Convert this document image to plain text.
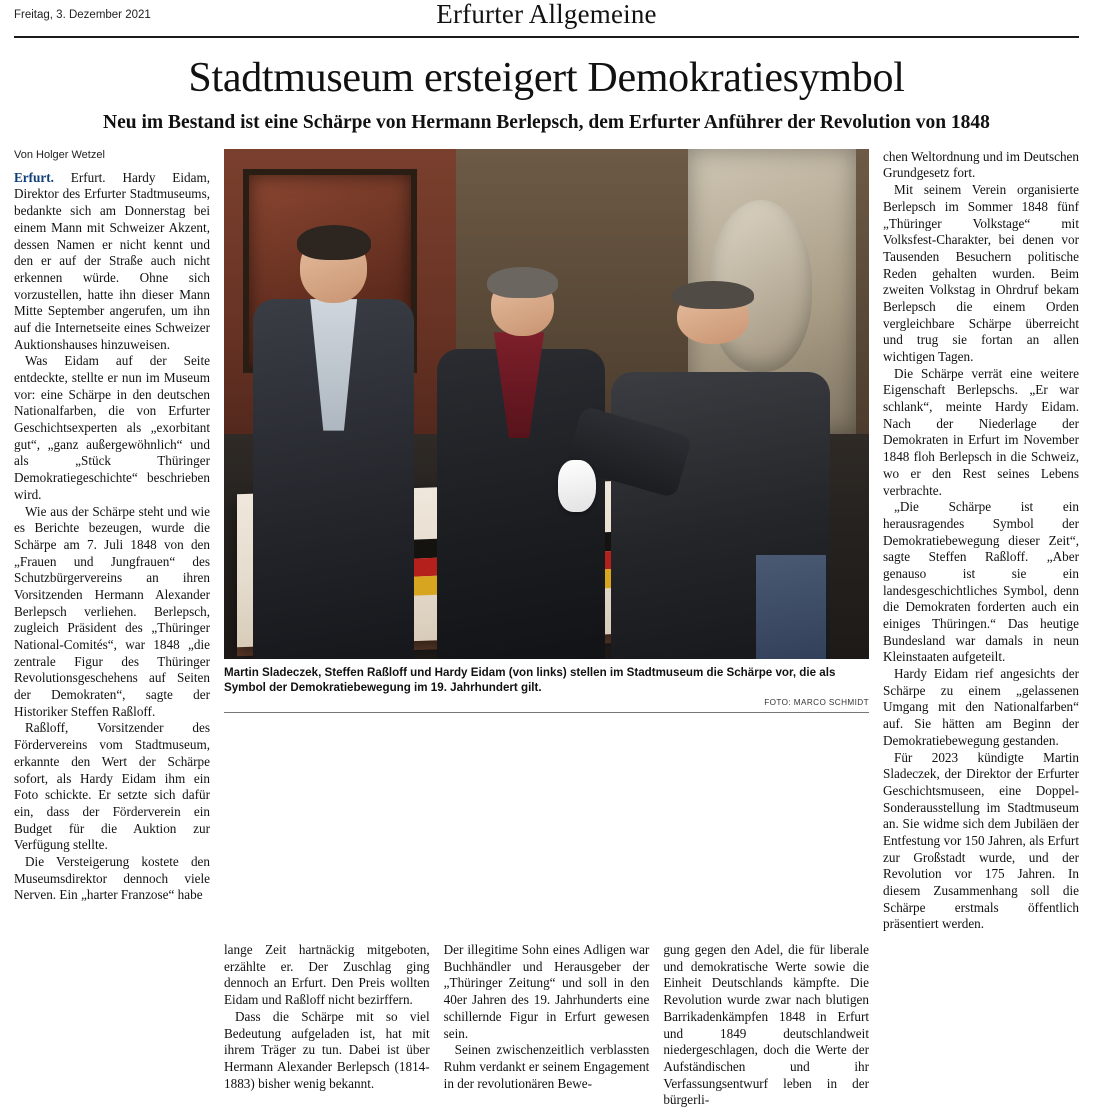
Freitag, 3. Dezember 2021	Erfurter Allgemeine
Stadtmuseum ersteigert Demokratiesymbol
Neu im Bestand ist eine Schärpe von Hermann Berlepsch, dem Erfurter Anführer der Revolution von 1848
Von Holger Wetzel

Erfurt. Erfurt. Hardy Eidam, Direktor des Erfurter Stadtmuseums, bedankte sich am Donnerstag bei einem Mann mit Schweizer Akzent, dessen Namen er nicht kennt und den er auf der Straße auch nicht erkennen würde. Ohne sich vorzustellen, hatte ihn dieser Mann Mitte September angerufen, um ihn auf die Internetseite eines Schweizer Auktionshauses hinzuweisen.

Was Eidam auf der Seite entdeckte, stellte er nun im Museum vor: eine Schärpe in den deutschen Nationalfarben, die von Erfurter Geschichtsexperten als „exorbitant gut“, „ganz außergewöhnlich“ und als „Stück Thüringer Demokratiegeschichte“ beschrieben wird.

Wie aus der Schärpe steht und wie es Berichte bezeugen, wurde die Schärpe am 7. Juli 1848 von den „Frauen und Jungfrauen“ des Schutzbürgervereins an ihren Vorsitzenden Hermann Alexander Berlepsch verliehen. Berlepsch, zugleich Präsident des „Thüringer National-Comités“, war 1848 „die zentrale Figur des Thüringer Revolutionsgeschehens auf Seiten der Demokraten“, sagte der Historiker Steffen Raßloff.

Raßloff, Vorsitzender des Fördervereins vom Stadtmuseum, erkannte den Wert der Schärpe sofort, als Hardy Eidam ihm ein Foto schickte. Er setzte sich dafür ein, dass der Förderverein ein Budget für die Auktion zur Verfügung stellte.

Die Versteigerung kostete den Museumsdirektor dennoch viele Nerven. Ein „harter Franzose“ habe

Martin Sladeczek, Steffen Raßloff und Hardy Eidam (von links) stellen im Stadtmuseum die Schärpe vor, die als Symbol der Demokratiebewegung im 19. Jahrhundert gilt.
FOTO: MARCO SCHMIDT

chen Weltordnung und im Deutschen Grundgesetz fort.

Mit seinem Verein organisierte Berlepsch im Sommer 1848 fünf „Thüringer Volkstage“ mit Volksfest-Charakter, bei denen vor Tausenden Besuchern politische Reden gehalten wurden. Beim zweiten Volkstag in Ohrdruf bekam Berlepsch die einem Orden vergleichbare Schärpe überreicht und trug sie fortan an allen wichtigen Tagen.

Die Schärpe verrät eine weitere Eigenschaft Berlepschs. „Er war schlank“, meinte Hardy Eidam. Nach der Niederlage der Demokraten in Erfurt im November 1848 floh Berlepsch in die Schweiz, wo er den Rest seines Lebens verbrachte.

„Die Schärpe ist ein herausragendes Symbol der Demokratiebewegung dieser Zeit“, sagte Steffen Raßloff. „Aber genauso ist sie ein landesgeschichtliches Symbol, denn die Demokraten forderten auch ein einiges Thüringen.“ Das heutige Bundesland war damals in neun Kleinstaaten aufgeteilt.

Hardy Eidam rief angesichts der Schärpe zu einem „gelassenen Umgang mit den Nationalfarben“ auf. Sie hätten am Beginn der Demokratiebewegung gestanden.

Für 2023 kündigte Martin Sladeczek, der Direktor der Erfurter Geschichtsmuseen, eine Doppel-Sonderausstellung im Stadtmuseum an. Sie widme sich dem Jubiläen der Entfestung vor 150 Jahren, als Erfurt zur Großstadt wurde, und der Revolution vor 175 Jahren. In diesem Zusammenhang soll die Schärpe erstmals öffentlich präsentiert werden.

lange Zeit hartnäckig mitgeboten, erzählte er. Der Zuschlag ging dennoch an Erfurt. Den Preis wollten Eidam und Raßloff nicht bezirffern.

Dass die Schärpe mit so viel Bedeutung aufgeladen ist, hat mit ihrem Träger zu tun. Dabei ist über Hermann Alexander Berlepsch (1814-1883) bisher wenig bekannt.

Der illegitime Sohn eines Adligen war Buchhändler und Herausgeber der „Thüringer Zeitung“ und soll in den 40er Jahren des 19. Jahrhunderts eine schillernde Figur in Erfurt gewesen sein.

Seinen zwischenzeitlich verblassten Ruhm verdankt er seinem Engagement in der revolutionären Bewe-

gung gegen den Adel, die für liberale und demokratische Werte sowie die Einheit Deutschlands kämpfte. Die Revolution wurde zwar nach blutigen Barrikadenkämpfen 1848 in Erfurt und 1849 deutschlandweit niedergeschlagen, doch die Werte der Aufständischen und ihr Verfassungsentwurf leben in der bürgerli-
